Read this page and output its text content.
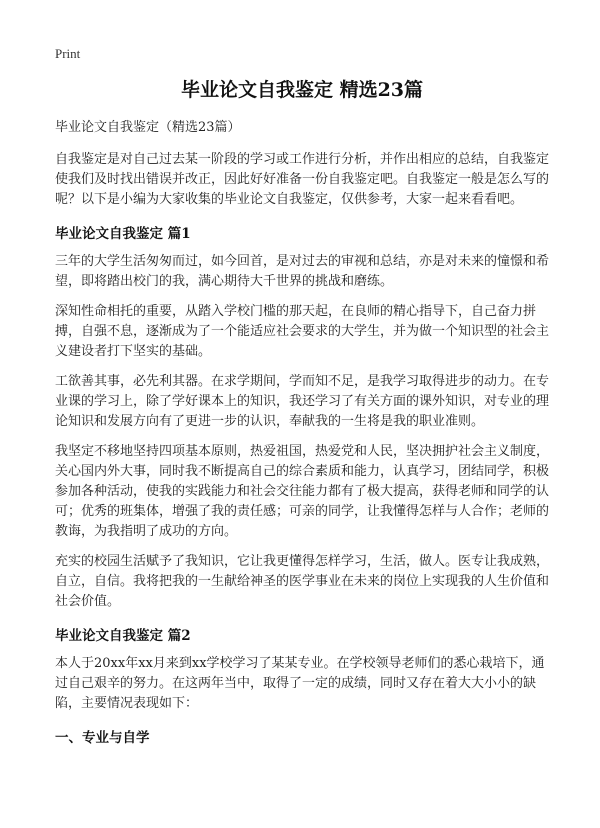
Print
毕业论文自我鉴定 精选23篇

毕业论文自我鉴定（精选23篇）

自我鉴定是对自己过去某一阶段的学习或工作进行分析，并作出相应的总结，自我鉴定使我们及时找出错误并改正，因此好好准备一份自我鉴定吧。自我鉴定一般是怎么写的呢？以下是小编为大家收集的毕业论文自我鉴定，仅供参考，大家一起来看看吧。

毕业论文自我鉴定 篇1

三年的大学生活匆匆而过，如今回首，是对过去的审视和总结，亦是对未来的憧憬和希望，即将踏出校门的我，满心期待大千世界的挑战和磨练。

深知性命相托的重要，从踏入学校门槛的那天起，在良师的精心指导下，自己奋力拼搏，自强不息，逐渐成为了一个能适应社会要求的大学生，并为做一个知识型的社会主义建设者打下坚实的基础。

工欲善其事，必先利其器。在求学期间，学而知不足，是我学习取得进步的动力。在专业课的学习上，除了学好课本上的知识，我还学习了有关方面的课外知识，对专业的理论知识和发展方向有了更进一步的认识，奉献我的一生将是我的职业准则。

我坚定不移地坚持四项基本原则，热爱祖国，热爱党和人民，坚决拥护社会主义制度，关心国内外大事，同时我不断提高自己的综合素质和能力，认真学习，团结同学，积极参加各种活动，使我的实践能力和社会交往能力都有了极大提高，获得老师和同学的认可；优秀的班集体，增强了我的责任感；可亲的同学，让我懂得怎样与人合作；老师的教诲，为我指明了成功的方向。

充实的校园生活赋予了我知识，它让我更懂得怎样学习，生活，做人。医专让我成熟，自立，自信。我将把我的一生献给神圣的医学事业在未来的岗位上实现我的人生价值和社会价值。

毕业论文自我鉴定 篇2

本人于20xx年xx月来到xx学校学习了某某专业。在学校领导老师们的悉心栽培下，通过自己艰辛的努力。在这两年当中，取得了一定的成绩，同时又存在着大大小小的缺陷，主要情况表现如下：

一、专业与自学
